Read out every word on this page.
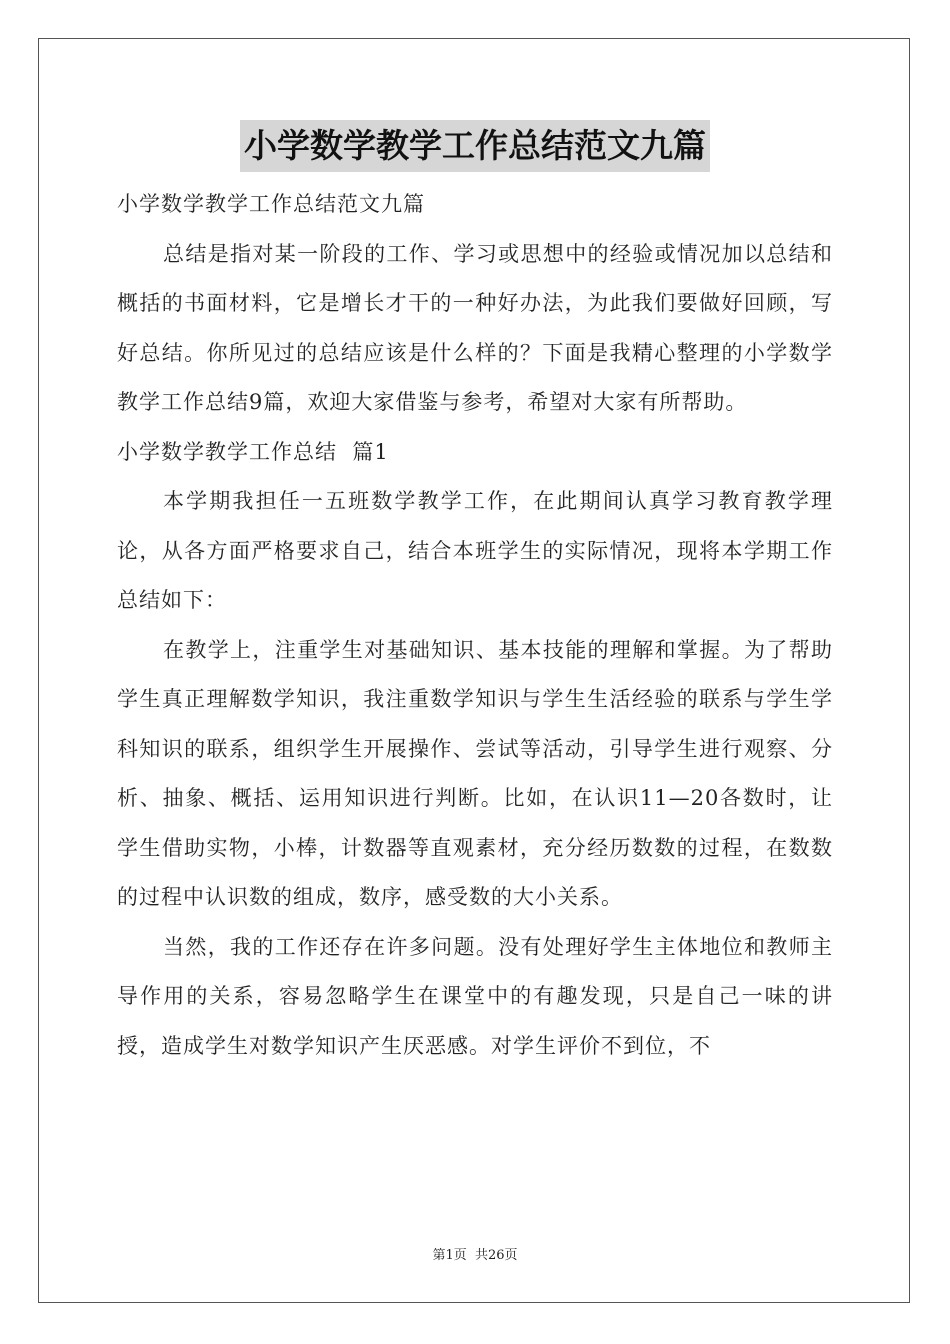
小学数学教学工作总结范文九篇

小学数学教学工作总结范文九篇

总结是指对某一阶段的工作、学习或思想中的经验或情况加以总结和概括的书面材料，它是增长才干的一种好办法，为此我们要做好回顾，写好总结。你所见过的总结应该是什么样的？下面是我精心整理的小学数学教学工作总结9篇，欢迎大家借鉴与参考，希望对大家有所帮助。

小学数学教学工作总结  篇1

本学期我担任一五班数学教学工作，在此期间认真学习教育教学理论，从各方面严格要求自己，结合本班学生的实际情况，现将本学期工作总结如下：

在教学上，注重学生对基础知识、基本技能的理解和掌握。为了帮助学生真正理解数学知识，我注重数学知识与学生生活经验的联系与学生学科知识的联系，组织学生开展操作、尝试等活动，引导学生进行观察、分析、抽象、概括、运用知识进行判断。比如，在认识11—20各数时，让学生借助实物，小棒，计数器等直观素材，充分经历数数的过程，在数数的过程中认识数的组成，数序，感受数的大小关系。

当然，我的工作还存在许多问题。没有处理好学生主体地位和教师主导作用的关系，容易忽略学生在课堂中的有趣发现，只是自己一味的讲授，造成学生对数学知识产生厌恶感。对学生评价不到位，不

第1页 共26页
